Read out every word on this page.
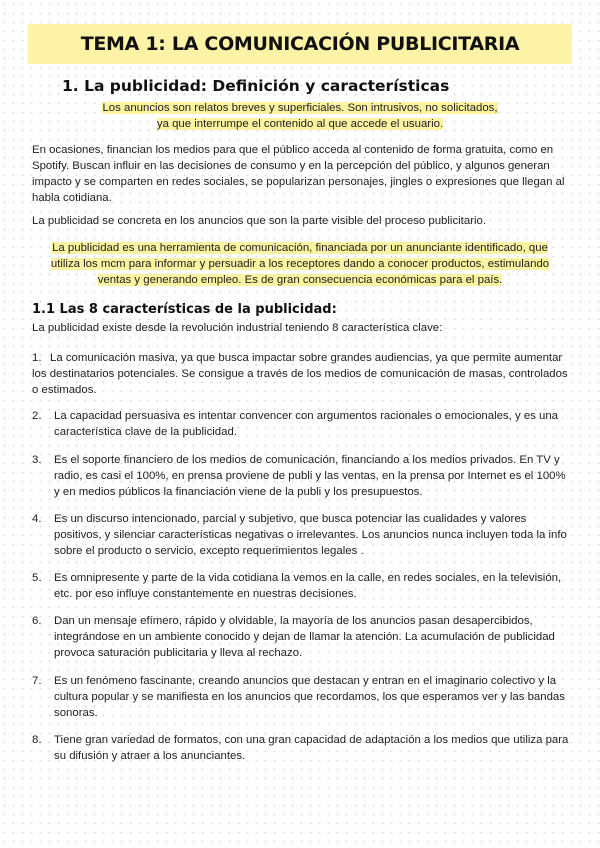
TEMA 1: LA COMUNICACIÓN PUBLICITARIA
1. La publicidad: Definición y características
Los anuncios son relatos breves y superficiales. Son intrusivos, no solicitados,
ya que interrumpe el contenido al que accede el usuario.
En ocasiones, financian los medios para que el público acceda al contenido de forma gratuita, como en Spotify. Buscan influir en las decisiones de consumo y en la percepción del público, y algunos generan impacto y se comparten en redes sociales, se popularizan personajes, jingles o expresiones que llegan al habla cotidiana.
La publicidad se concreta en los anuncios que son la parte visible del proceso publicitario.
La publicidad es una herramienta de comunicación, financiada por un anunciante identificado, que utiliza los mcm para informar y persuadir a los receptores dando a conocer productos, estimulando ventas y generando empleo. Es de gran consecuencia económicas para el país.
1.1 Las 8 características de la publicidad:
La publicidad existe desde la revolución industrial teniendo 8 característica clave:
1. La comunicación masiva, ya que busca impactar sobre grandes audiencias, ya que permite aumentar los destinatarios potenciales. Se consigue a través de los medios de comunicación de masas, controlados o estimados.
2. La capacidad persuasiva es intentar convencer con argumentos racionales o emocionales, y es una característica clave de la publicidad.
3. Es el soporte financiero de los medios de comunicación, financiando a los medios privados. En TV y radio, es casi el 100%, en prensa proviene de publi y las ventas, en la prensa por Internet es el 100% y en medios públicos la financiación viene de la publi y los presupuestos.
4. Es un discurso intencionado, parcial y subjetivo, que busca potenciar las cualidades y valores positivos, y silenciar características negativas o irrelevantes. Los anuncios nunca incluyen toda la info sobre el producto o servicio, excepto requerimientos legales .
5. Es omnipresente y parte de la vida cotidiana la vemos en la calle, en redes sociales, en la televisión, etc. por eso influye constantemente en nuestras decisiones.
6. Dan un mensaje efímero, rápido y olvidable, la mayoría de los anuncios pasan desapercibidos, integrándose en un ambiente conocido y dejan de llamar la atención. La acumulación de publicidad provoca saturación publicitaria y lleva al rechazo.
7. Es un fenómeno fascinante, creando anuncios que destacan y entran en el imaginario colectivo y la cultura popular y se manifiesta en los anuncios que recordamos, los que esperamos ver y las bandas sonoras.
8. Tiene gran variedad de formatos, con una gran capacidad de adaptación a los medios que utiliza para su difusión y atraer a los anunciantes.
